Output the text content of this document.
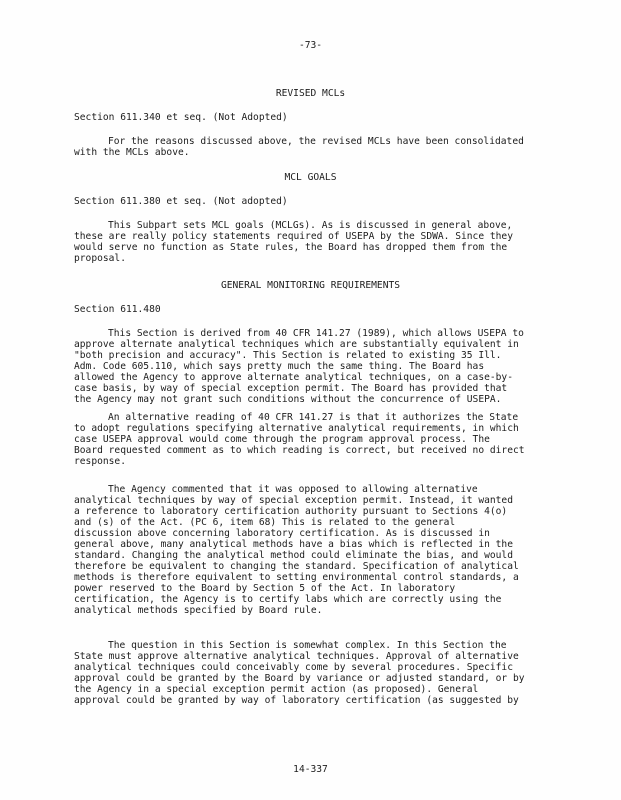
-73-
REVISED MCLs
Section 611.340 et seq. (Not Adopted)
For the reasons discussed above, the revised MCLs have been consolidated
with the MCLs above.
MCL GOALS
Section 611.380 et seq. (Not adopted)
This Subpart sets MCL goals (MCLGs). As is discussed in general above,
these are really policy statements required of USEPA by the SDWA. Since they
would serve no function as State rules, the Board has dropped them from the
proposal.
GENERAL MONITORING REQUIREMENTS
Section 611.480
This Section is derived from 40 CFR 141.27 (1989), which allows USEPA to
approve alternate analytical techniques which are substantially equivalent in
"both precision and accuracy". This Section is related to existing 35 Ill.
Adm. Code 605.110, which says pretty much the same thing. The Board has
allowed the Agency to approve alternate analytical techniques, on a case-by-
case basis, by way of special exception permit. The Board has provided that
the Agency may not grant such conditions without the concurrence of USEPA.
An alternative reading of 40 CFR 141.27 is that it authorizes the State
to adopt regulations specifying alternative analytical requirements, in which
case USEPA approval would come through the program approval process. The
Board requested comment as to which reading is correct, but received no direct
response.
The Agency commented that it was opposed to allowing alternative
analytical techniques by way of special exception permit. Instead, it wanted
a reference to laboratory certification authority pursuant to Sections 4(o)
and (s) of the Act. (PC 6, item 68) This is related to the general
discussion above concerning laboratory certification. As is discussed in
general above, many analytical methods have a bias which is reflected in the
standard. Changing the analytical method could eliminate the bias, and would
therefore be equivalent to changing the standard. Specification of analytical
methods is therefore equivalent to setting environmental control standards, a
power reserved to the Board by Section 5 of the Act. In laboratory
certification, the Agency is to certify labs which are correctly using the
analytical methods specified by Board rule.
The question in this Section is somewhat complex. In this Section the
State must approve alternative analytical techniques. Approval of alternative
analytical techniques could conceivably come by several procedures. Specific
approval could be granted by the Board by variance or adjusted standard, or by
the Agency in a special exception permit action (as proposed). General
approval could be granted by way of laboratory certification (as suggested by
14-337
